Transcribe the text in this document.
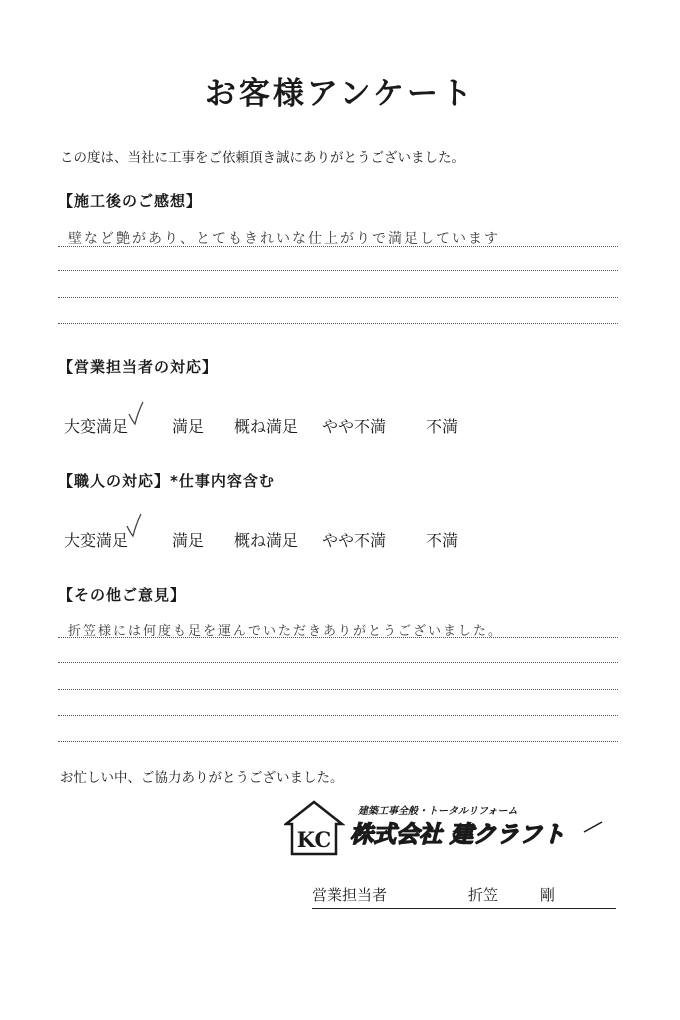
お客様アンケート
この度は、当社に工事をご依頼頂き誠にありがとうございました。
【施工後のご感想】
壁など艶があり、とてもきれいな仕上がりで満足しています
【営業担当者の対応】
大変満足	満足 概ね満足 やや不満 不満
【職人の対応】*仕事内容含む
大変満足	満足 概ね満足 やや不満 不満
【その他ご意見】
折笠様には何度も足を運んでいただきありがとうございました。
お忙しい中、ご協力ありがとうございました。
KC
建築工事全般・トータルリフォーム
株式会社 建クラフト
営業担当者	折笠	剛
